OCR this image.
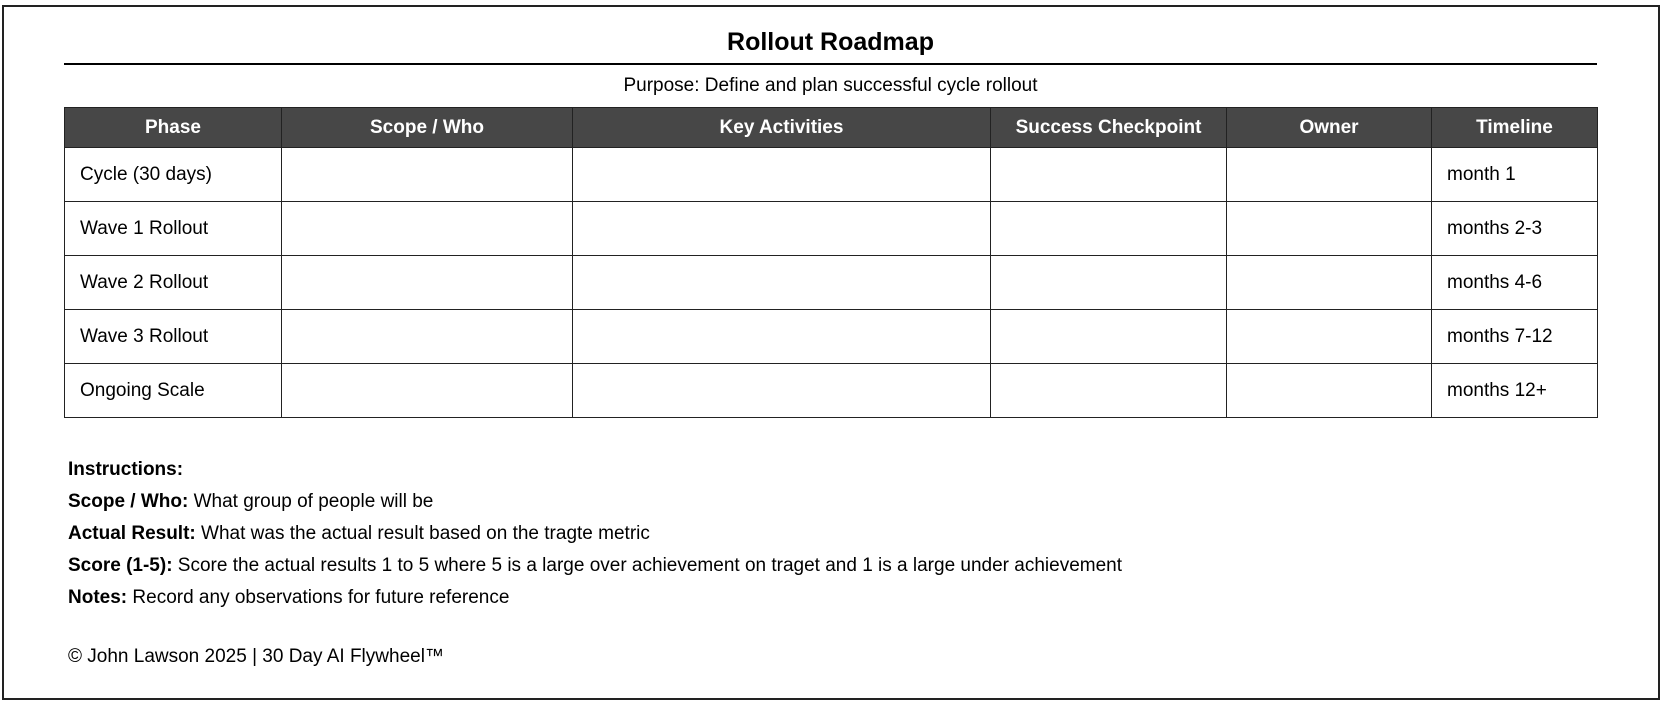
Rollout Roadmap
Purpose: Define and plan successful cycle rollout
Phase	Scope / Who	Key Activities	Success Checkpoint	Owner	Timeline
Cycle (30 days)					month 1
Wave 1 Rollout					months 2-3
Wave 2 Rollout					months 4-6
Wave 3 Rollout					months 7-12
Ongoing Scale					months 12+
Instructions:
Scope / Who: What group of people will be
Actual Result: What was the actual result based on the tragte metric
Score (1-5): Score the actual results 1 to 5 where 5 is a large over achievement on traget and 1 is a large under achievement
Notes: Record any observations for future reference
© John Lawson 2025 | 30 Day AI Flywheel™
